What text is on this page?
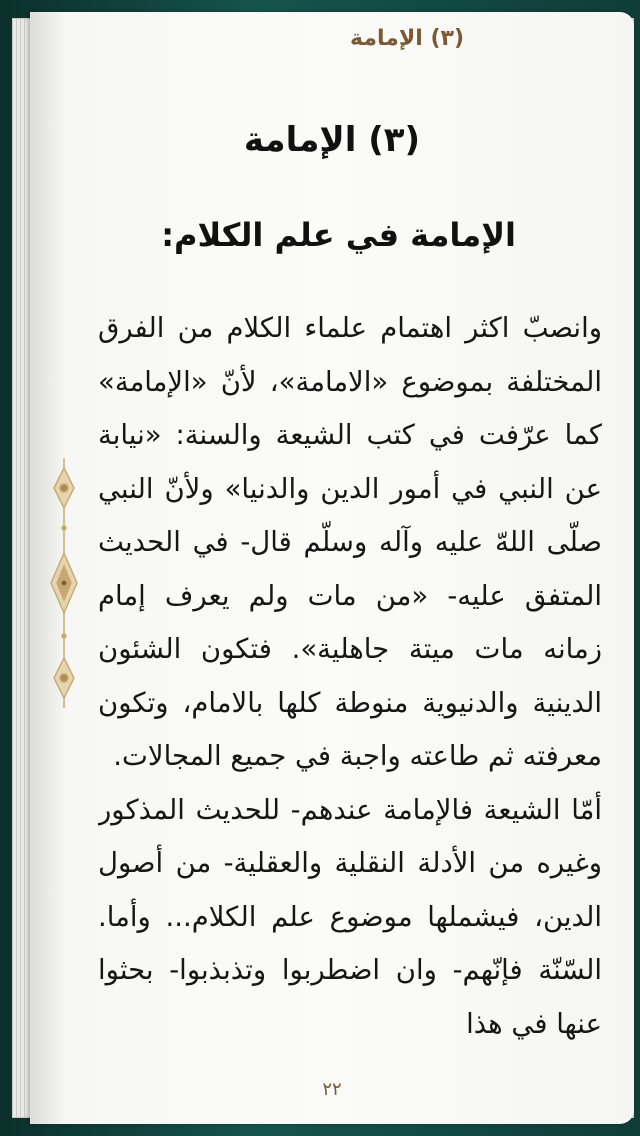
(٣) الإمامة
(٣) الإمامة
الإمامة في علم الكلام:

وانصبّ اكثر اهتمام علماء الكلام من الفرق المختلفة بموضوع «الامامة»، لأنّ «الإمامة» كما عرّفت في كتب الشيعة والسنة: «نيابة عن النبي في أمور الدين والدنيا» ولأنّ النبي صلّى اللهّ عليه وآله وسلّم قال- في الحديث المتفق عليه- «من مات ولم يعرف إمام زمانه مات ميتة جاهلية». فتكون الشئون الدينية والدنيوية منوطة كلها بالامام، وتكون معرفته ثم طاعته واجبة في جميع المجالات.

أمّا الشيعة فالإمامة عندهم- للحديث المذكور وغيره من الأدلة النقلية والعقلية- من أصول الدين، فيشملها موضوع علم الكلام... وأما. السّنّة فإنّهم- وان اضطربوا وتذبذبوا- بحثوا عنها في هذا

٢٢
